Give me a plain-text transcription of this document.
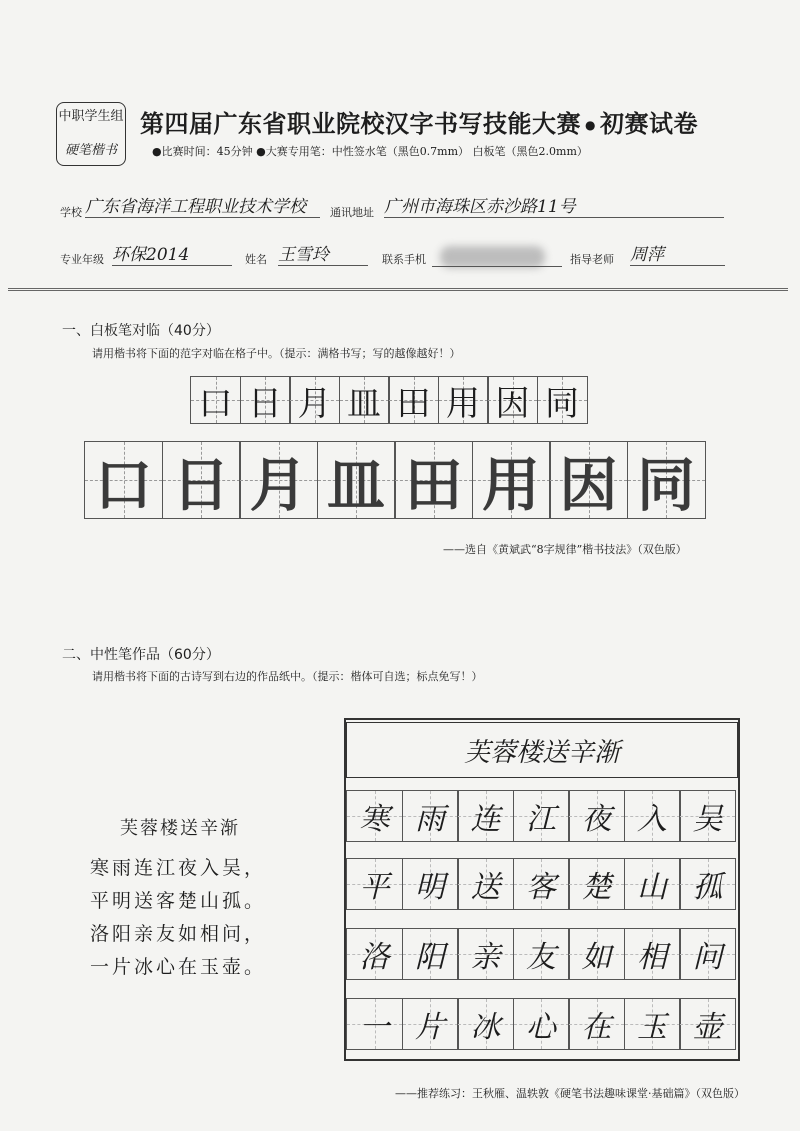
中职学生组
硬笔楷书
第四届广东省职业院校汉字书写技能大赛 ● 初赛试卷
●比赛时间：45分钟 ●大赛专用笔：中性签水笔（黑色0.7mm） 白板笔（黑色2.0mm）
学校 广东省海洋工程职业技术学校	通讯地址 广州市海珠区赤沙路11号
专业年级 环保2014	姓名 王雪玲	联系手机	指导老师 周萍
一、白板笔对临（40分）
请用楷书将下面的范字对临在格子中。（提示：满格书写；写的越像越好！）
口 日 月 皿 田 用 因 同
口 日 月 皿 田 用 因 同
——选自《黄斌武“8字规律”楷书技法》（双色版）
二、中性笔作品（60分）
请用楷书将下面的古诗写到右边的作品纸中。（提示：楷体可自选；标点免写！）
芙蓉楼送辛渐
寒雨连江夜入吴，
平明送客楚山孤。
洛阳亲友如相问，
一片冰心在玉壶。
芙蓉楼送辛渐
寒 雨 连 江 夜 入 吴
平 明 送 客 楚 山 孤
洛 阳 亲 友 如 相 问
一 片 冰 心 在 玉 壶
——推荐练习：王秋雁、温轶敦《硬笔书法趣味课堂·基础篇》（双色版）
